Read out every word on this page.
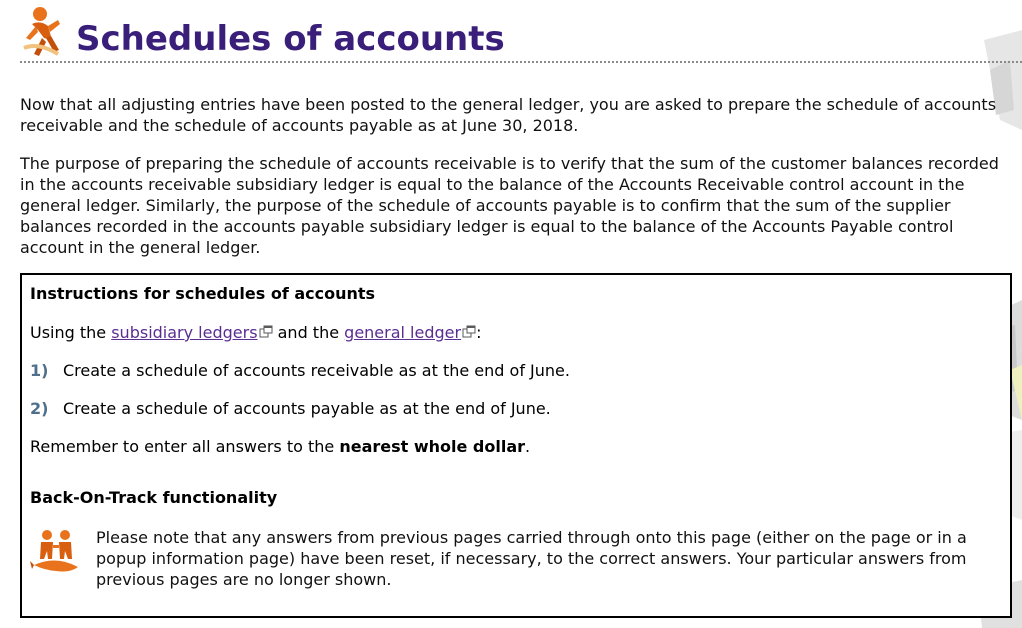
Schedules of accounts

Now that all adjusting entries have been posted to the general ledger, you are asked to prepare the schedule of accounts receivable and the schedule of accounts payable as at June 30, 2018.

The purpose of preparing the schedule of accounts receivable is to verify that the sum of the customer balances recorded in the accounts receivable subsidiary ledger is equal to the balance of the Accounts Receivable control account in the general ledger. Similarly, the purpose of the schedule of accounts payable is to confirm that the sum of the supplier balances recorded in the accounts payable subsidiary ledger is equal to the balance of the Accounts Payable control account in the general ledger.

Instructions for schedules of accounts

Using the subsidiary ledgers and the general ledger :

1) Create a schedule of accounts receivable as at the end of June.

2) Create a schedule of accounts payable as at the end of June.

Remember to enter all answers to the nearest whole dollar.

Back-On-Track functionality

Please note that any answers from previous pages carried through onto this page (either on the page or in a popup information page) have been reset, if necessary, to the correct answers. Your particular answers from previous pages are no longer shown.
